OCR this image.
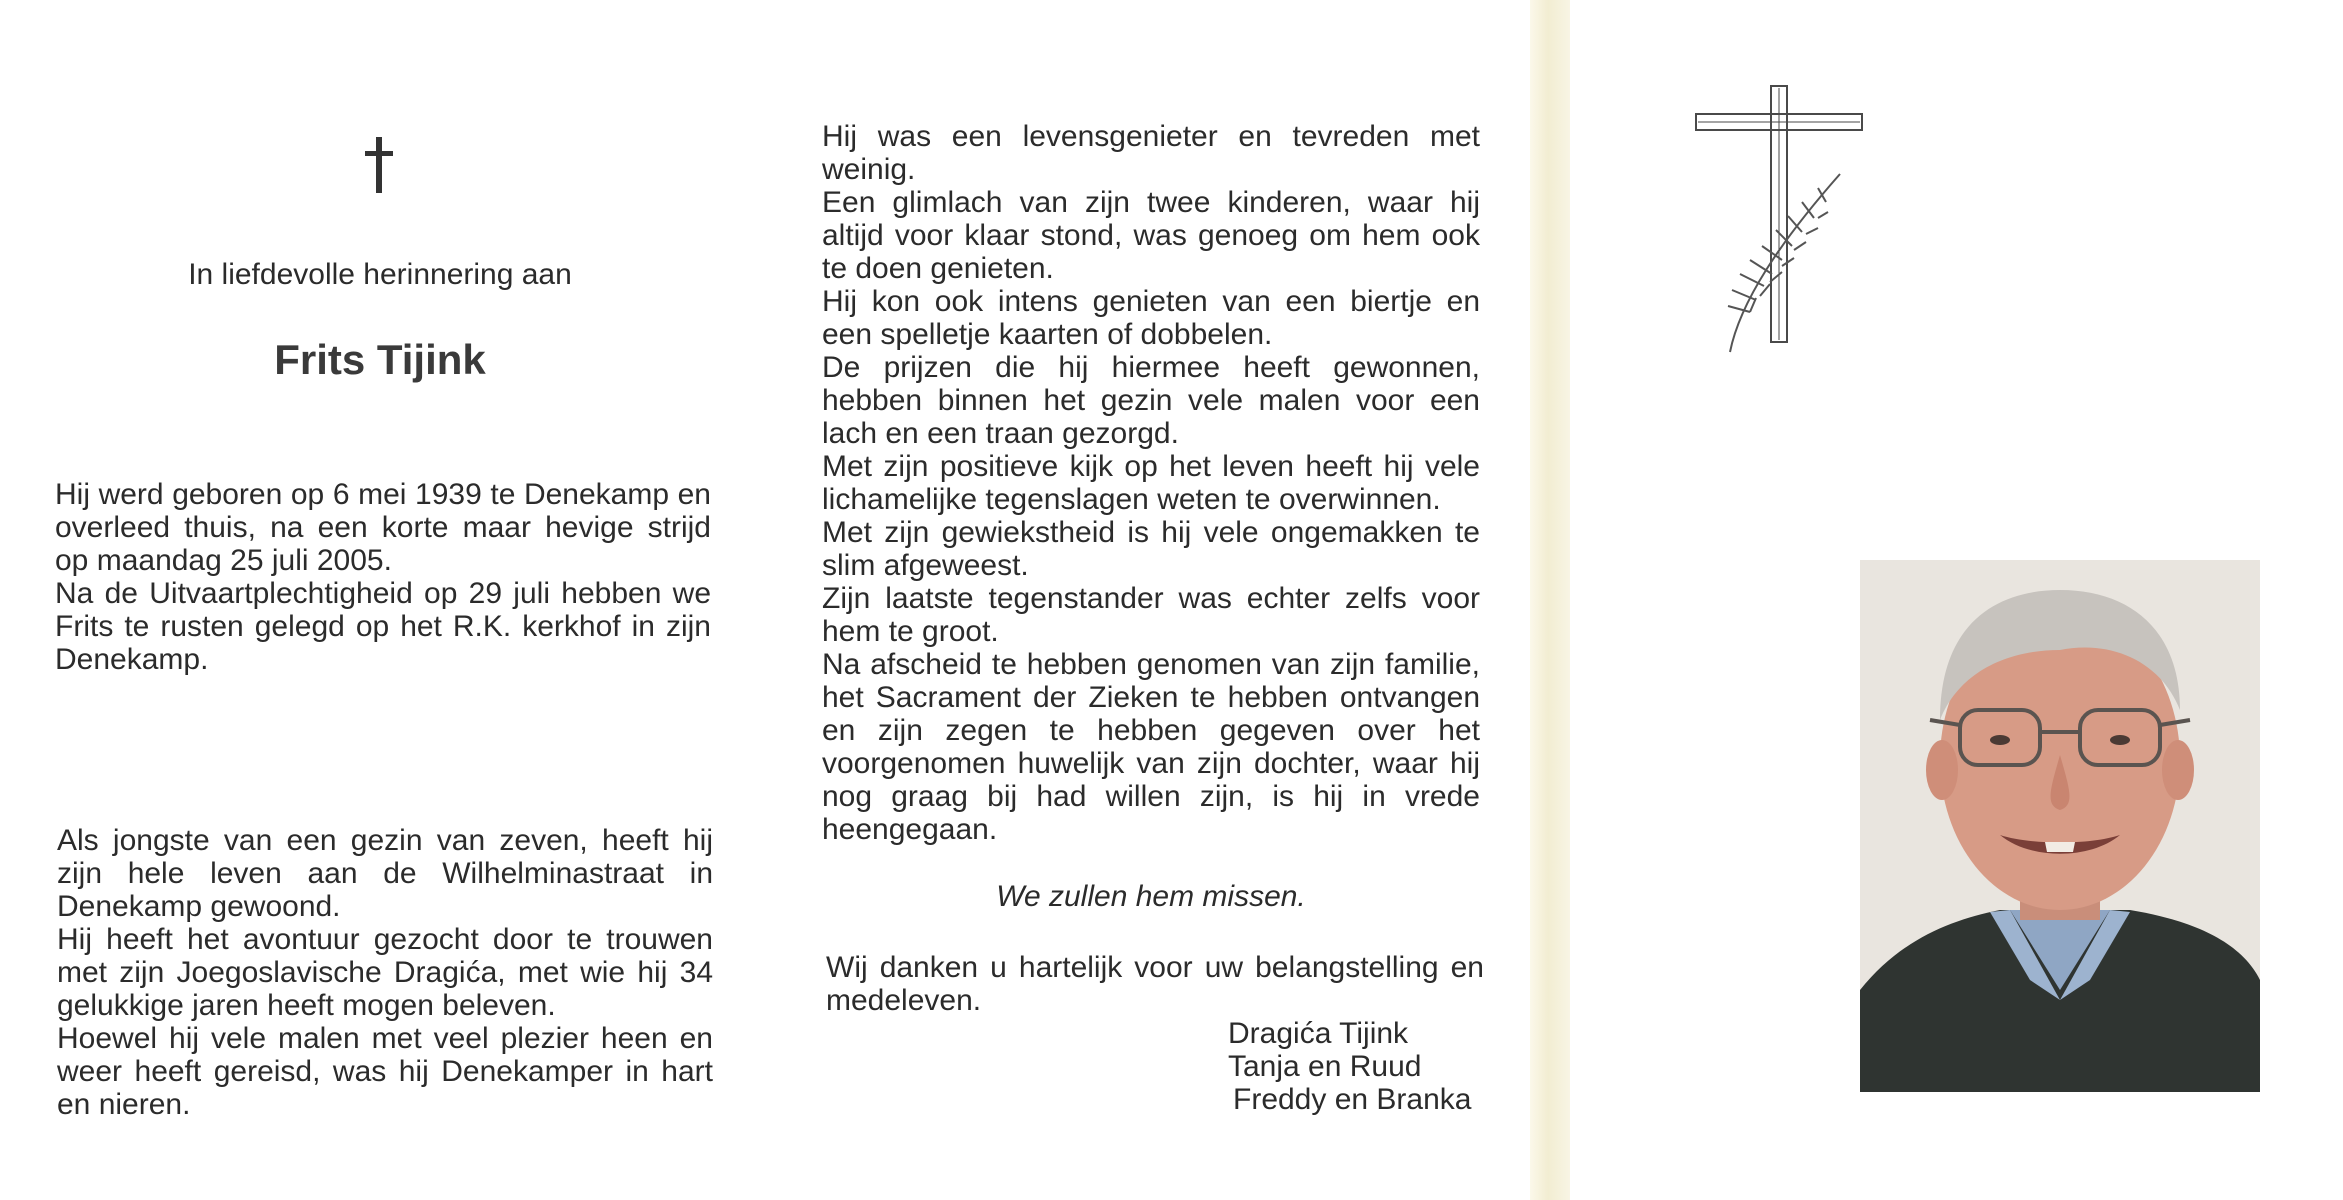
In liefdevolle herinnering aan
Frits Tijink

Hij werd geboren op 6 mei 1939 te Denekamp en overleed thuis, na een korte maar hevige strijd op maandag 25 juli 2005.

Na de Uitvaartplechtigheid op 29 juli hebben we Frits te rusten gelegd op het R.K. kerkhof in zijn Denekamp.

Als jongste van een gezin van zeven, heeft hij zijn hele leven aan de Wilhelminastraat in Denekamp gewoond.

Hij heeft het avontuur gezocht door te trouwen met zijn Joegoslavische Dragića, met wie hij 34 gelukkige jaren heeft mogen beleven.

Hoewel hij vele malen met veel plezier heen en weer heeft gereisd, was hij Denekamper in hart en nieren.

Hij was een levensgenieter en tevreden met weinig.

Een glimlach van zijn twee kinderen, waar hij altijd voor klaar stond, was genoeg om hem ook te doen genieten.

Hij kon ook intens genieten van een biertje en een spelletje kaarten of dobbelen.

De prijzen die hij hiermee heeft gewonnen, hebben binnen het gezin vele malen voor een lach en een traan gezorgd.

Met zijn positieve kijk op het leven heeft hij vele lichamelijke tegenslagen weten te overwinnen.

Met zijn gewiekstheid is hij vele ongemakken te slim afgeweest.

Zijn laatste tegenstander was echter zelfs voor hem te groot.

Na afscheid te hebben genomen van zijn familie, het Sacrament der Zieken te hebben ontvangen en zijn zegen te hebben gegeven over het voorgenomen huwelijk van zijn dochter, waar hij nog graag bij had willen zijn, is hij in vrede heengegaan.

We zullen hem missen.
Wij danken u hartelijk voor uw belangstelling en medeleven.
Dragića Tijink
Tanja en Ruud
Freddy en Branka
